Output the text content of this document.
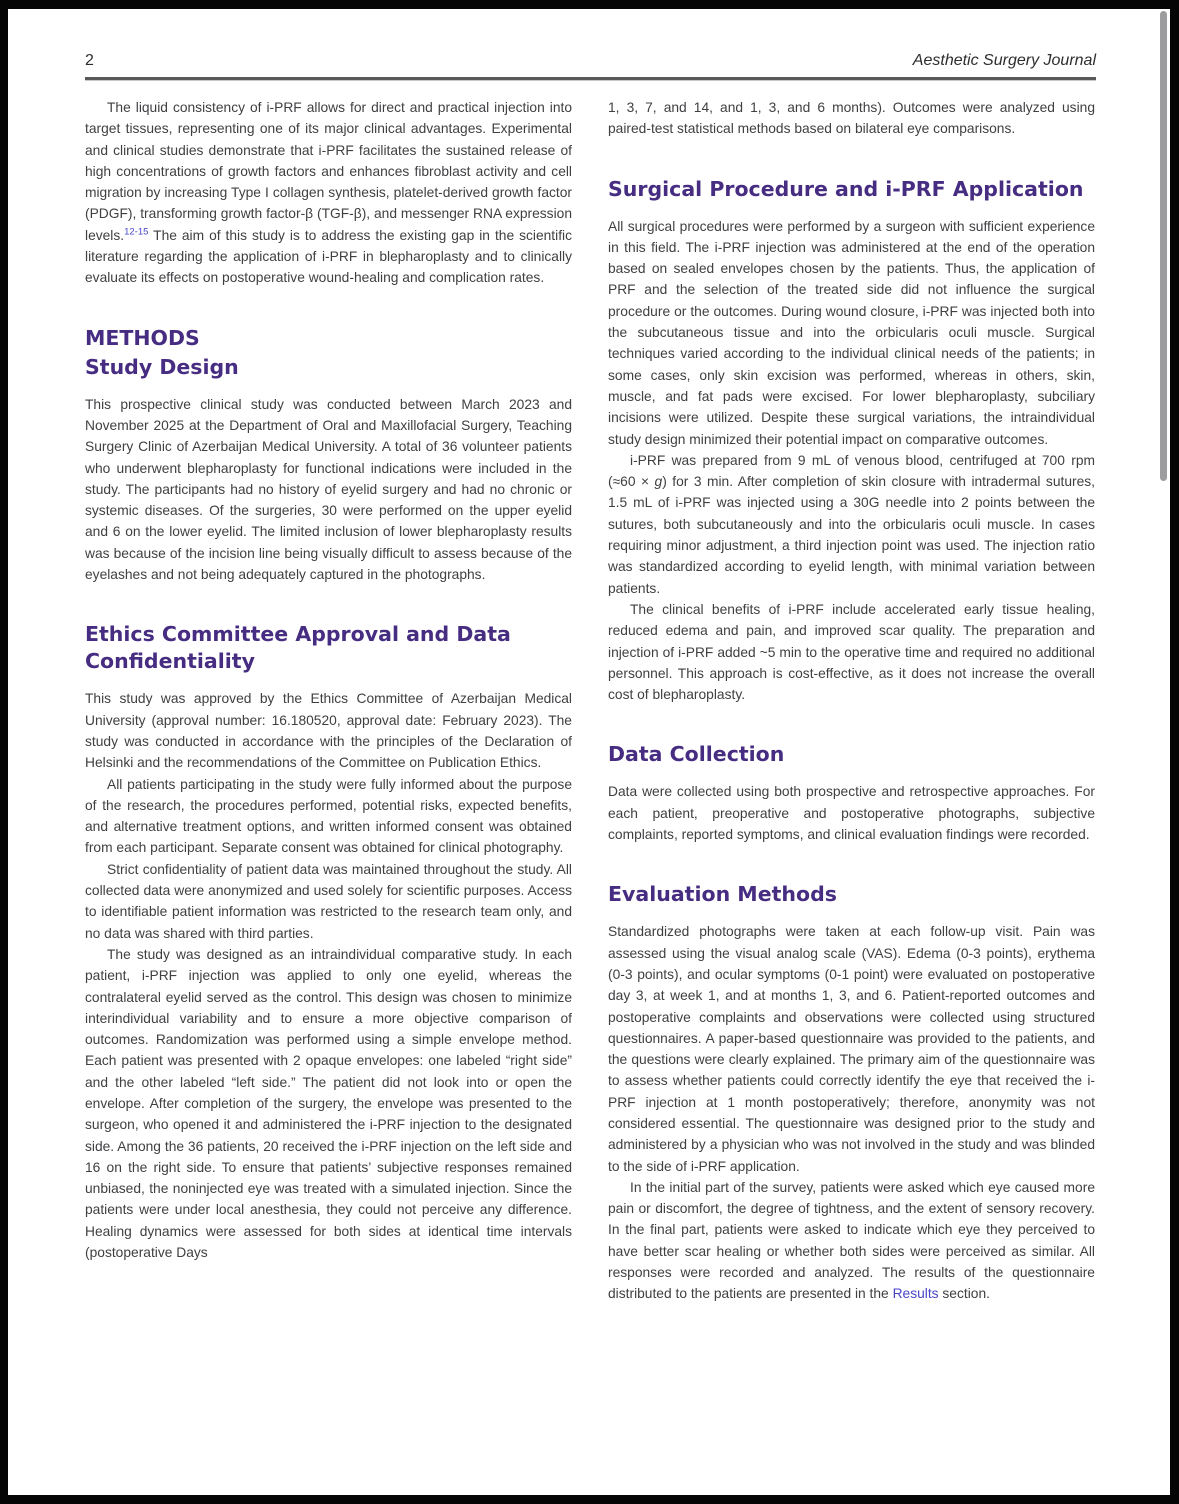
2	Aesthetic Surgery Journal

The liquid consistency of i-PRF allows for direct and practical injection into target tissues, representing one of its major clinical advantages. Experimental and clinical studies demonstrate that i-PRF facilitates the sustained release of high concentrations of growth factors and enhances fibroblast activity and cell migration by increasing Type I collagen synthesis, platelet-derived growth factor (PDGF), transforming growth factor-β (TGF-β), and messenger RNA expression levels.$^{12-15}$ The aim of this study is to address the existing gap in the scientific literature regarding the application of i-PRF in blepharoplasty and to clinically evaluate its effects on postoperative wound-healing and complication rates.

METHODS
Study Design

This prospective clinical study was conducted between March 2023 and November 2025 at the Department of Oral and Maxillofacial Surgery, Teaching Surgery Clinic of Azerbaijan Medical University. A total of 36 volunteer patients who underwent blepharoplasty for functional indications were included in the study. The participants had no history of eyelid surgery and had no chronic or systemic diseases. Of the surgeries, 30 were performed on the upper eyelid and 6 on the lower eyelid. The limited inclusion of lower blepharoplasty results was because of the incision line being visually difficult to assess because of the eyelashes and not being adequately captured in the photographs.

Ethics Committee Approval and Data Confidentiality

This study was approved by the Ethics Committee of Azerbaijan Medical University (approval number: 16.180520, approval date: February 2023). The study was conducted in accordance with the principles of the Declaration of Helsinki and the recommendations of the Committee on Publication Ethics.

All patients participating in the study were fully informed about the purpose of the research, the procedures performed, potential risks, expected benefits, and alternative treatment options, and written informed consent was obtained from each participant. Separate consent was obtained for clinical photography.

Strict confidentiality of patient data was maintained throughout the study. All collected data were anonymized and used solely for scientific purposes. Access to identifiable patient information was restricted to the research team only, and no data was shared with third parties.

The study was designed as an intraindividual comparative study. In each patient, i-PRF injection was applied to only one eyelid, whereas the contralateral eyelid served as the control. This design was chosen to minimize interindividual variability and to ensure a more objective comparison of outcomes. Randomization was performed using a simple envelope method. Each patient was presented with 2 opaque envelopes: one labeled “right side” and the other labeled “left side.” The patient did not look into or open the envelope. After completion of the surgery, the envelope was presented to the surgeon, who opened it and administered the i-PRF injection to the designated side. Among the 36 patients, 20 received the i-PRF injection on the left side and 16 on the right side. To ensure that patients’ subjective responses remained unbiased, the noninjected eye was treated with a simulated injection. Since the patients were under local anesthesia, they could not perceive any difference. Healing dynamics were assessed for both sides at identical time intervals (postoperative Days

1, 3, 7, and 14, and 1, 3, and 6 months). Outcomes were analyzed using paired-test statistical methods based on bilateral eye comparisons.

Surgical Procedure and i-PRF Application

All surgical procedures were performed by a surgeon with sufficient experience in this field. The i-PRF injection was administered at the end of the operation based on sealed envelopes chosen by the patients. Thus, the application of PRF and the selection of the treated side did not influence the surgical procedure or the outcomes. During wound closure, i-PRF was injected both into the subcutaneous tissue and into the orbicularis oculi muscle. Surgical techniques varied according to the individual clinical needs of the patients; in some cases, only skin excision was performed, whereas in others, skin, muscle, and fat pads were excised. For lower blepharoplasty, subciliary incisions were utilized. Despite these surgical variations, the intraindividual study design minimized their potential impact on comparative outcomes.

i-PRF was prepared from 9 mL of venous blood, centrifuged at 700 rpm (≈60 × g) for 3 min. After completion of skin closure with intradermal sutures, 1.5 mL of i-PRF was injected using a 30G needle into 2 points between the sutures, both subcutaneously and into the orbicularis oculi muscle. In cases requiring minor adjustment, a third injection point was used. The injection ratio was standardized according to eyelid length, with minimal variation between patients.

The clinical benefits of i-PRF include accelerated early tissue healing, reduced edema and pain, and improved scar quality. The preparation and injection of i-PRF added ~5 min to the operative time and required no additional personnel. This approach is cost-effective, as it does not increase the overall cost of blepharoplasty.

Data Collection

Data were collected using both prospective and retrospective approaches. For each patient, preoperative and postoperative photographs, subjective complaints, reported symptoms, and clinical evaluation findings were recorded.

Evaluation Methods

Standardized photographs were taken at each follow-up visit. Pain was assessed using the visual analog scale (VAS). Edema (0-3 points), erythema (0-3 points), and ocular symptoms (0-1 point) were evaluated on postoperative day 3, at week 1, and at months 1, 3, and 6. Patient-reported outcomes and postoperative complaints and observations were collected using structured questionnaires. A paper-based questionnaire was provided to the patients, and the questions were clearly explained. The primary aim of the questionnaire was to assess whether patients could correctly identify the eye that received the i-PRF injection at 1 month postoperatively; therefore, anonymity was not considered essential. The questionnaire was designed prior to the study and administered by a physician who was not involved in the study and was blinded to the side of i-PRF application.

In the initial part of the survey, patients were asked which eye caused more pain or discomfort, the degree of tightness, and the extent of sensory recovery. In the final part, patients were asked to indicate which eye they perceived to have better scar healing or whether both sides were perceived as similar. All responses were recorded and analyzed. The results of the questionnaire distributed to the patients are presented in the Results section.
